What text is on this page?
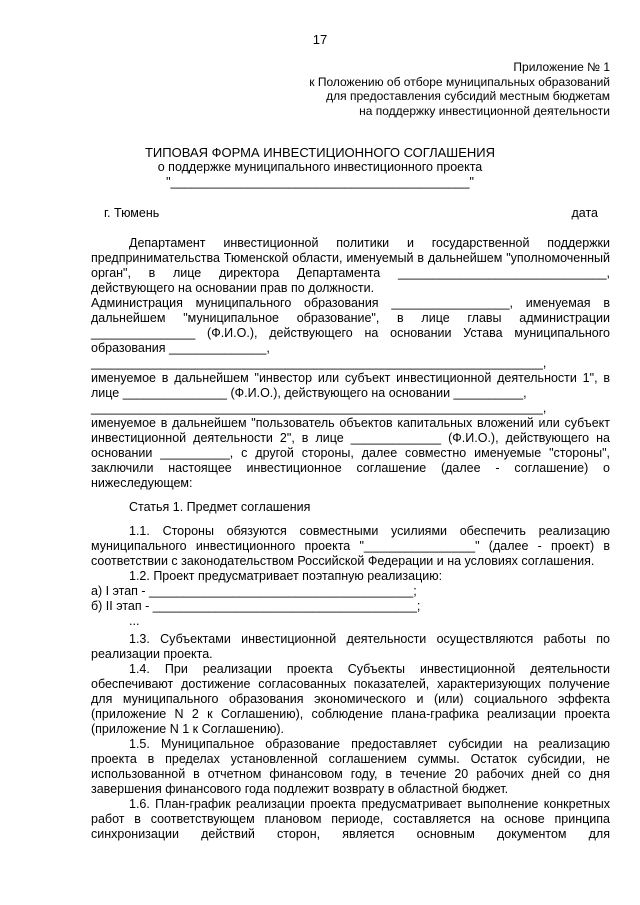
17
Приложение № 1
к Положению об отборе муниципальных образований
для предоставления субсидий местным бюджетам
на поддержку инвестиционной деятельности
ТИПОВАЯ ФОРМА ИНВЕСТИЦИОННОГО СОГЛАШЕНИЯ
о поддержке муниципального инвестиционного проекта
"___________________________________________"
г. Тюмень	дата

Департамент инвестиционной политики и государственной поддержки предпринимательства Тюменской области, именуемый в дальнейшем "уполномоченный орган", в лице директора Департамента ______________________________, действующего на основании прав по должности.

Администрация муниципального образования _________________, именуемая в дальнейшем "муниципальное образование", в лице главы администрации _______________ (Ф.И.О.), действующего на основании Устава муниципального образования ______________,

_________________________________________________________________,

именуемое в дальнейшем "инвестор или субъект инвестиционной деятельности 1", в лице _______________ (Ф.И.О.), действующего на основании __________,

_________________________________________________________________,

именуемое в дальнейшем "пользователь объектов капитальных вложений или субъект инвестиционной деятельности 2", в лице _____________ (Ф.И.О.), действующего на основании __________, с другой стороны, далее совместно именуемые "стороны", заключили настоящее инвестиционное соглашение (далее - соглашение) о нижеследующем:

Статья 1. Предмет соглашения

1.1. Стороны обязуются совместными усилиями обеспечить реализацию муниципального инвестиционного проекта "________________" (далее - проект) в соответствии с законодательством Российской Федерации и на условиях соглашения.

1.2. Проект предусматривает поэтапную реализацию:

а) I этап - ______________________________________;

б) II этап - ______________________________________;

...

1.3. Субъектами инвестиционной деятельности осуществляются работы по реализации проекта.

1.4. При реализации проекта Субъекты инвестиционной деятельности обеспечивают достижение согласованных показателей, характеризующих получение для муниципального образования экономического и (или) социального эффекта (приложение N 2 к Соглашению), соблюдение плана-графика реализации проекта (приложение N 1 к Соглашению).

1.5. Муниципальное образование предоставляет субсидии на реализацию проекта в пределах установленной соглашением суммы. Остаток субсидии, не использованной в отчетном финансовом году, в течение 20 рабочих дней со дня завершения финансового года подлежит возврату в областной бюджет.

1.6. План-график реализации проекта предусматривает выполнение конкретных работ в соответствующем плановом периоде, составляется на основе принципа синхронизации действий сторон, является основным документом для
